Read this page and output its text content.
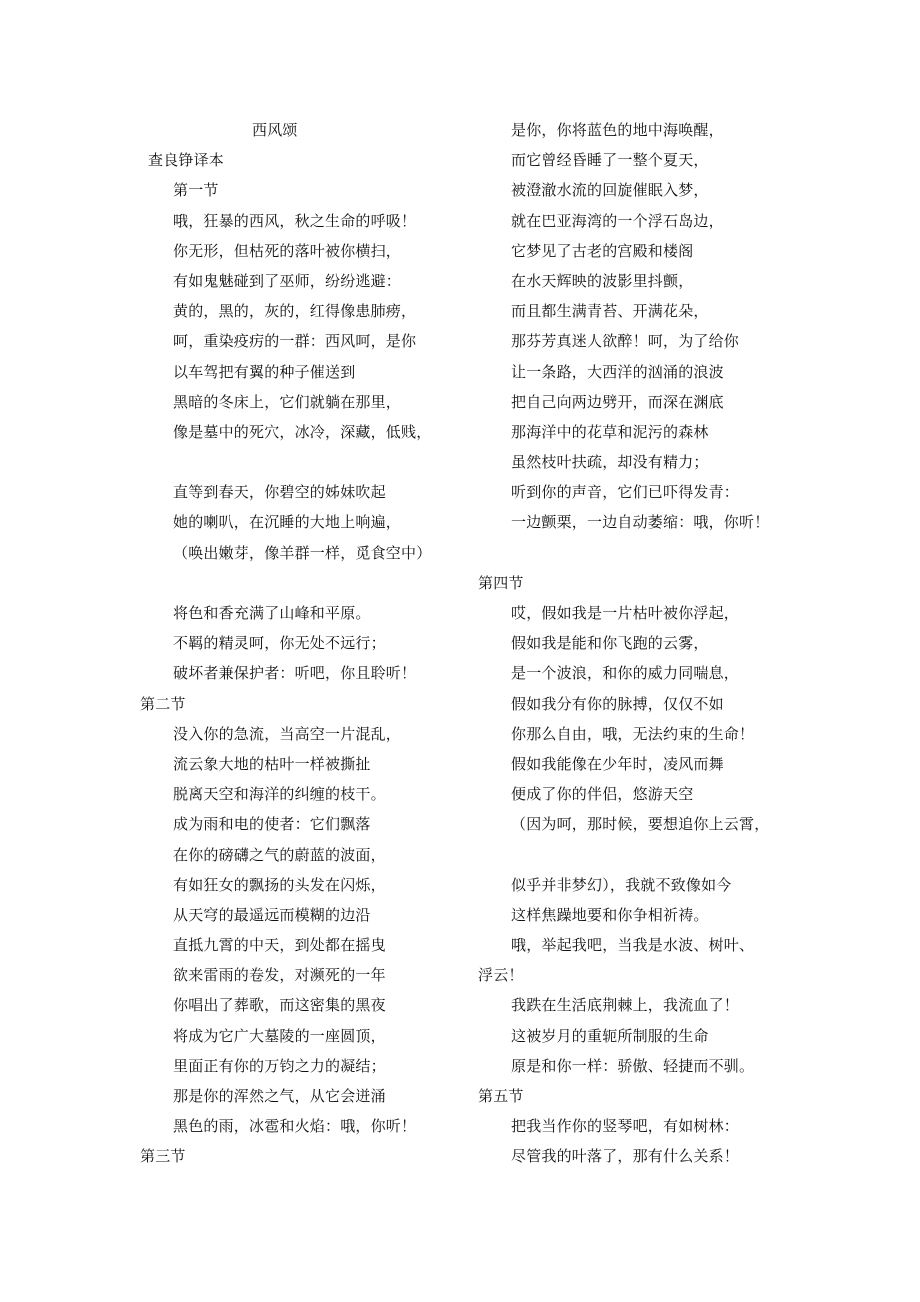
西风颂
查良铮译本
第一节
哦，狂暴的西风，秋之生命的呼吸！
你无形，但枯死的落叶被你横扫，
有如鬼魅碰到了巫师，纷纷逃避：
黄的，黑的，灰的，红得像患肺痨，
呵，重染疫疠的一群：西风呵，是你
以车驾把有翼的种子催送到
黑暗的冬床上，它们就躺在那里，
像是墓中的死穴，冰冷，深藏，低贱，
直等到春天，你碧空的姊妹吹起
她的喇叭，在沉睡的大地上响遍，
（唤出嫩芽，像羊群一样，觅食空中）
将色和香充满了山峰和平原。
不羁的精灵呵，你无处不远行；
破坏者兼保护者：听吧，你且聆听！
第二节
没入你的急流，当高空一片混乱，
流云象大地的枯叶一样被撕扯
脱离天空和海洋的纠缠的枝干。
成为雨和电的使者：它们飘落
在你的磅礴之气的蔚蓝的波面，
有如狂女的飘扬的头发在闪烁，
从天穹的最遥远而模糊的边沿
直抵九霄的中天，到处都在摇曳
欲来雷雨的卷发，对濒死的一年
你唱出了葬歌，而这密集的黑夜
将成为它广大墓陵的一座圆顶，
里面正有你的万钧之力的凝结；
那是你的浑然之气，从它会迸涌
黑色的雨，冰雹和火焰：哦，你听！
第三节
是你，你将蓝色的地中海唤醒，
而它曾经昏睡了一整个夏天，
被澄澈水流的回旋催眠入梦，
就在巴亚海湾的一个浮石岛边，
它梦见了古老的宫殿和楼阁
在水天辉映的波影里抖颤，
而且都生满青苔、开满花朵，
那芬芳真迷人欲醉！呵，为了给你
让一条路，大西洋的汹涌的浪波
把自己向两边劈开，而深在渊底
那海洋中的花草和泥污的森林
虽然枝叶扶疏，却没有精力；
听到你的声音，它们已吓得发青：
一边颤栗，一边自动萎缩：哦，你听！
第四节
哎，假如我是一片枯叶被你浮起，
假如我是能和你飞跑的云雾，
是一个波浪，和你的威力同喘息，
假如我分有你的脉搏，仅仅不如
你那么自由，哦，无法约束的生命！
假如我能像在少年时，凌风而舞
便成了你的伴侣，悠游天空
（因为呵，那时候，要想追你上云霄，
似乎并非梦幻），我就不致像如今
这样焦躁地要和你争相祈祷。
哦，举起我吧，当我是水波、树叶、
浮云！
我跌在生活底荆棘上，我流血了！
这被岁月的重轭所制服的生命
原是和你一样：骄傲、轻捷而不驯。
第五节
把我当作你的竖琴吧，有如树林：
尽管我的叶落了，那有什么关系！
